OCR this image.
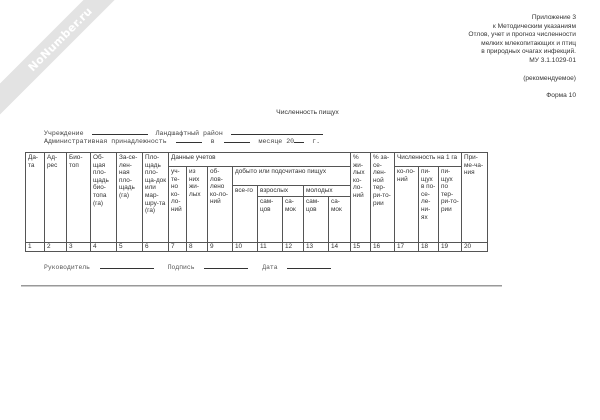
NoNumber.ru	Приложение 3
к Методическим указаниям
Отлов, учет и прогноз численности
мелких млекопитающих и птиц
в природных очагах инфекций.
МУ 3.1.1029-01
(рекомендуемое)
Форма 10
Численность пищух
Учреждение	Ландшафтный район
Административная принадлежность	в	месяце 20	г.
Да-та	Ад-рес	Био-топ	Об-щая пло-щадь био-топа (га)	За-се-лен-ная пло-щадь (га)	Пло-щадь пло-ща-док или мар-шру-та (га)	Данные учетов								% жи-лых ко-ло-ний	% за-се-лен-ной тер-ри-то-рии	Численность на 1 га			При-ме-ча-ния
						уч-те-но ко-ло-ний	из них жи-лых	об-лов-лено ко-ло-ний	добыто или подсчитано пищух							ко-ло-ний	пи-щух в по-се-ле-ни-ях	пи-щух по тер-ри-то-рии	
									все-го	взрослых		молодых							
										сам-цов	са-мок	сам-цов	са-мок						
1	2	3	4	5	6	7	8	9	10	11	12	13	14	15	16	17	18	19	20
Руководитель	Подпись	Дата
